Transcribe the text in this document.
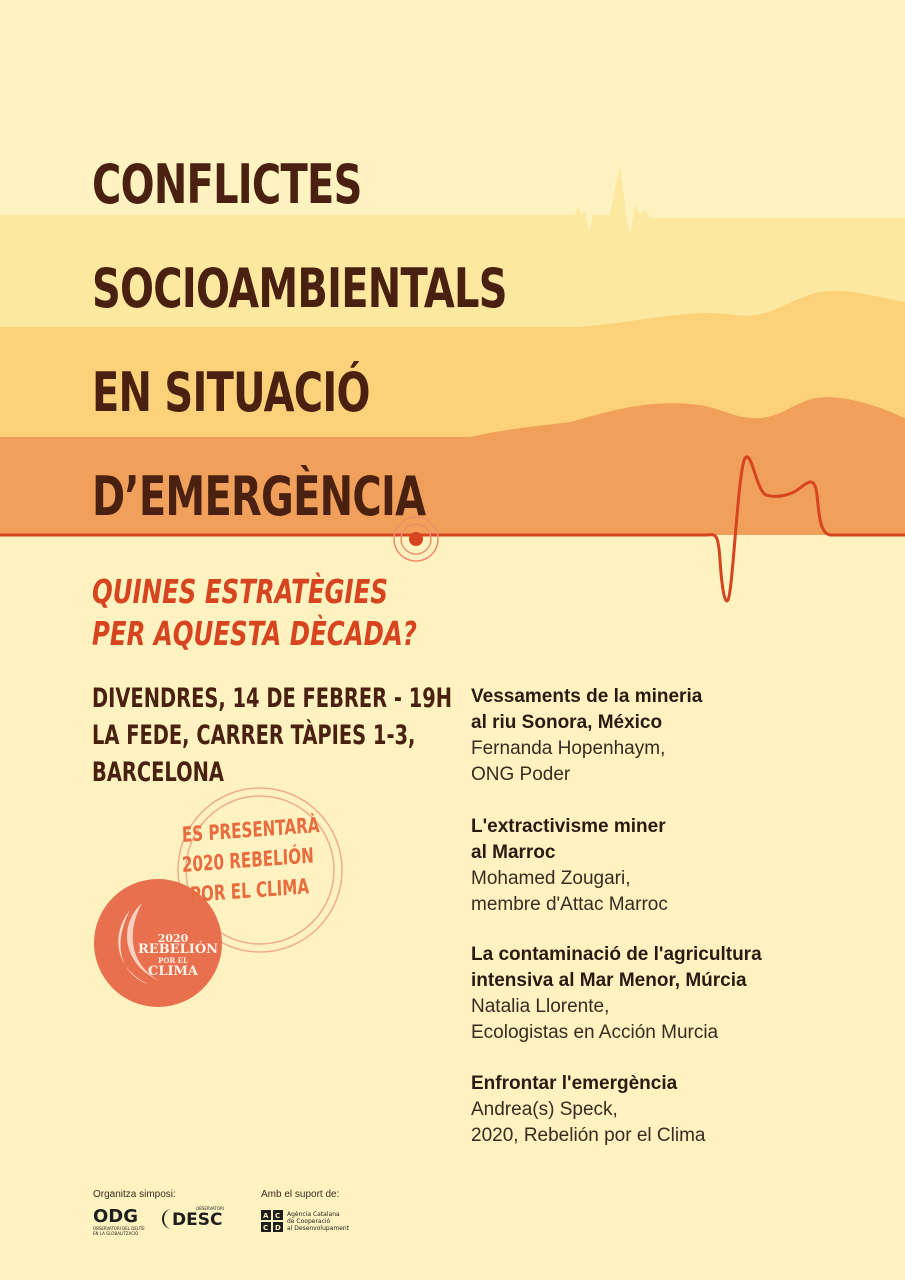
CONFLICTES
SOCIOAMBIENTALS
EN SITUACIÓ
D’EMERGÈNCIA
QUINES ESTRATÈGIES
PER AQUESTA DÈCADA?
DIVENDRES, 14 DE FEBRER - 19H
LA FEDE, CARRER TÀPIES 1-3,
BARCELONA
ES PRESENTARÀ
2020 REBELIÓN
POR EL CLIMA
2020
REBELIÓN
POR EL
CLIMA
Vessaments de la mineria
al riu Sonora, México
Fernanda Hopenhaym,
ONG Poder
L'extractivisme miner
al Marroc
Mohamed Zougari,
membre d'Attac Marroc
La contaminació de l'agricultura
intensiva al Mar Menor, Múrcia
Natalia Llorente,
Ecologistas en Acción Murcia
Enfrontar l'emergència
Andrea(s) Speck,
2020, Rebelión por el Clima
Organitza simposi:	Amb el suport de:
ODG
OBSERVATORI DEL DEUTE
EN LA GLOBALITZACIÓ
OBSERVATORI
DESC	A C
C D
Agència Catalana
de Cooperació
al Desenvolupament
